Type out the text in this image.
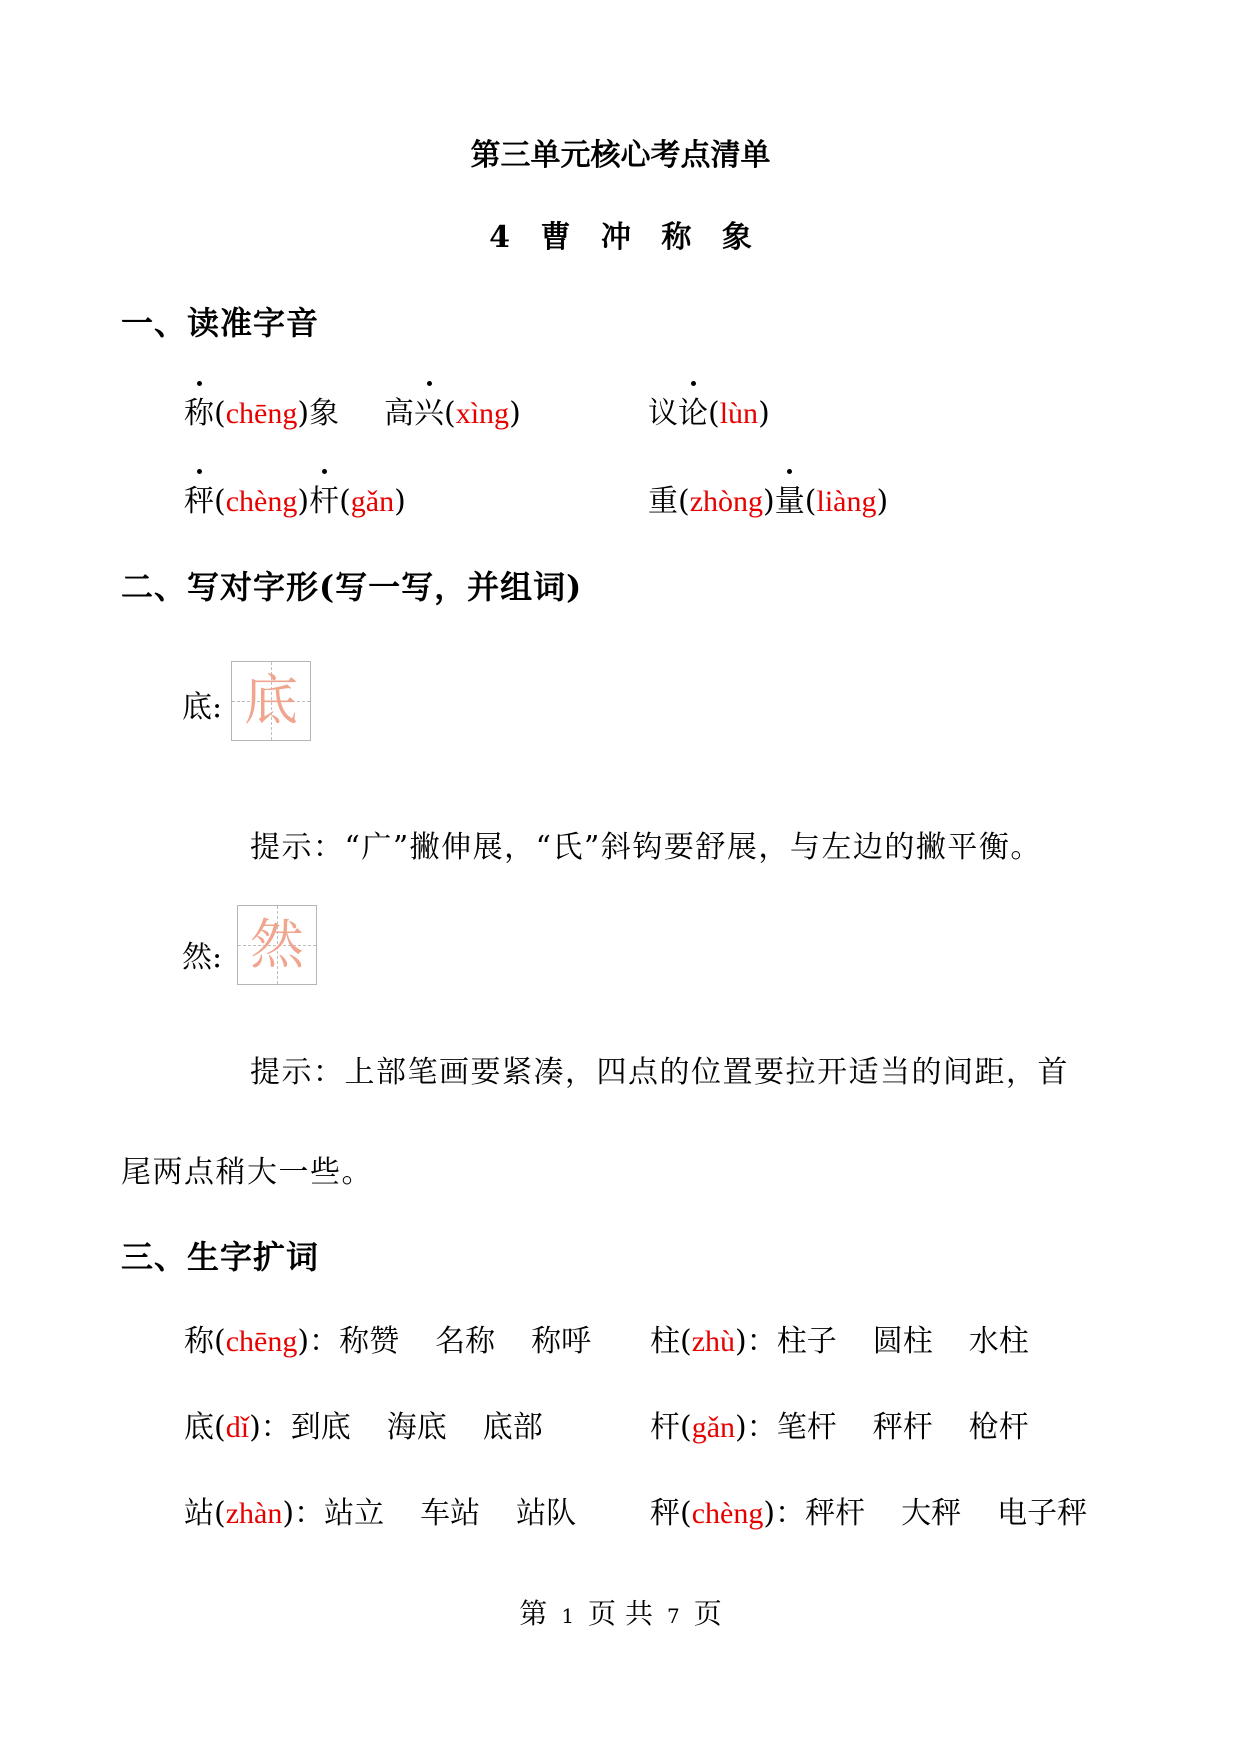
第三单元核心考点清单
4 曹 冲 称 象
一、读准字音
称(chēng)象 高兴(xìng)	议论(lùn)
秤(chèng)杆(gǎn)	重(zhòng)量(liàng)
二、写对字形(写一写，并组词)
底: 底
提示：“广”撇伸展，“氏”斜钩要舒展，与左边的撇平衡。
然: 然
提示：上部笔画要紧凑，四点的位置要拉开适当的间距，首
尾两点稍大一些。
三、生字扩词
称(chēng)：称赞 名称 称呼 柱(zhù)：柱子 圆柱 水柱
底(dǐ)：到底 海底 底部	杆(gǎn)：笔杆 秤杆 枪杆
站(zhàn)：站立 车站 站队 秤(chèng)：秤杆 大秤 电子秤
第 1 页 共 7 页
